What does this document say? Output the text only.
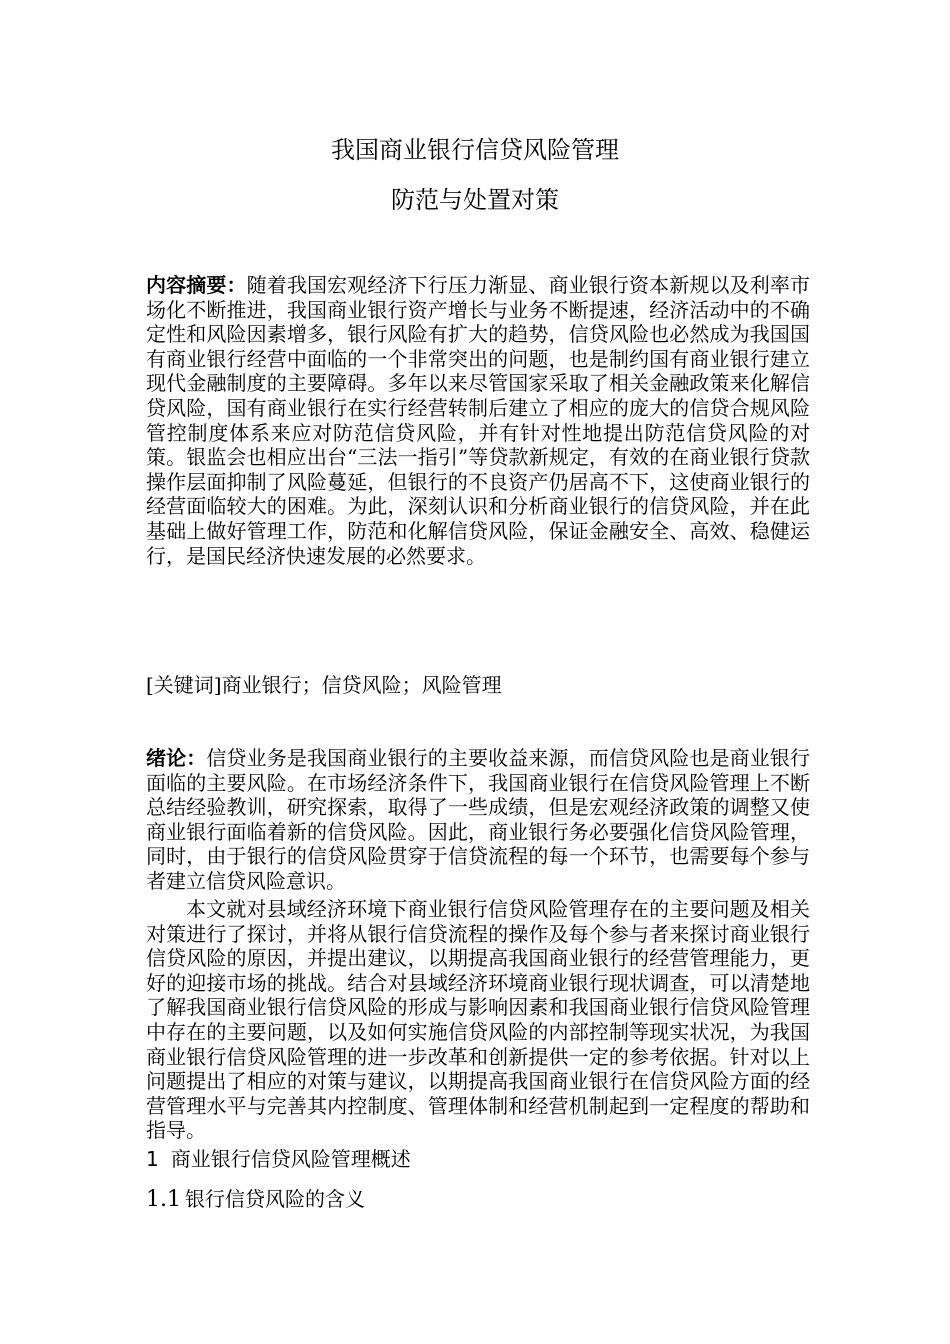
我国商业银行信贷风险管理
防范与处置对策

内容摘要：随着我国宏观经济下行压力渐显、商业银行资本新规以及利率市场化不断推进，我国商业银行资产增长与业务不断提速，经济活动中的不确定性和风险因素增多，银行风险有扩大的趋势，信贷风险也必然成为我国国有商业银行经营中面临的一个非常突出的问题，也是制约国有商业银行建立现代金融制度的主要障碍。多年以来尽管国家采取了相关金融政策来化解信贷风险，国有商业银行在实行经营转制后建立了相应的庞大的信贷合规风险管控制度体系来应对防范信贷风险，并有针对性地提出防范信贷风险的对策。银监会也相应出台“三法一指引”等贷款新规定，有效的在商业银行贷款操作层面抑制了风险蔓延，但银行的不良资产仍居高不下，这使商业银行的经营面临较大的困难。为此，深刻认识和分析商业银行的信贷风险，并在此基础上做好管理工作，防范和化解信贷风险，保证金融安全、高效、稳健运行，是国民经济快速发展的必然要求。

[关键词]商业银行；信贷风险；风险管理

绪论：信贷业务是我国商业银行的主要收益来源，而信贷风险也是商业银行面临的主要风险。在市场经济条件下，我国商业银行在信贷风险管理上不断总结经验教训，研究探索，取得了一些成绩，但是宏观经济政策的调整又使商业银行面临着新的信贷风险。因此，商业银行务必要强化信贷风险管理，同时，由于银行的信贷风险贯穿于信贷流程的每一个环节，也需要每个参与者建立信贷风险意识。

本文就对县域经济环境下商业银行信贷风险管理存在的主要问题及相关对策进行了探讨，并将从银行信贷流程的操作及每个参与者来探讨商业银行信贷风险的原因，并提出建议，以期提高我国商业银行的经营管理能力，更好的迎接市场的挑战。结合对县域经济环境商业银行现状调查，可以清楚地了解我国商业银行信贷风险的形成与影响因素和我国商业银行信贷风险管理中存在的主要问题，以及如何实施信贷风险的内部控制等现实状况，为我国商业银行信贷风险管理的进一步改革和创新提供一定的参考依据。针对以上问题提出了相应的对策与建议，以期提高我国商业银行在信贷风险方面的经营管理水平与完善其内控制度、管理体制和经营机制起到一定程度的帮助和指导。

1 商业银行信贷风险管理概述
1.1 银行信贷风险的含义
